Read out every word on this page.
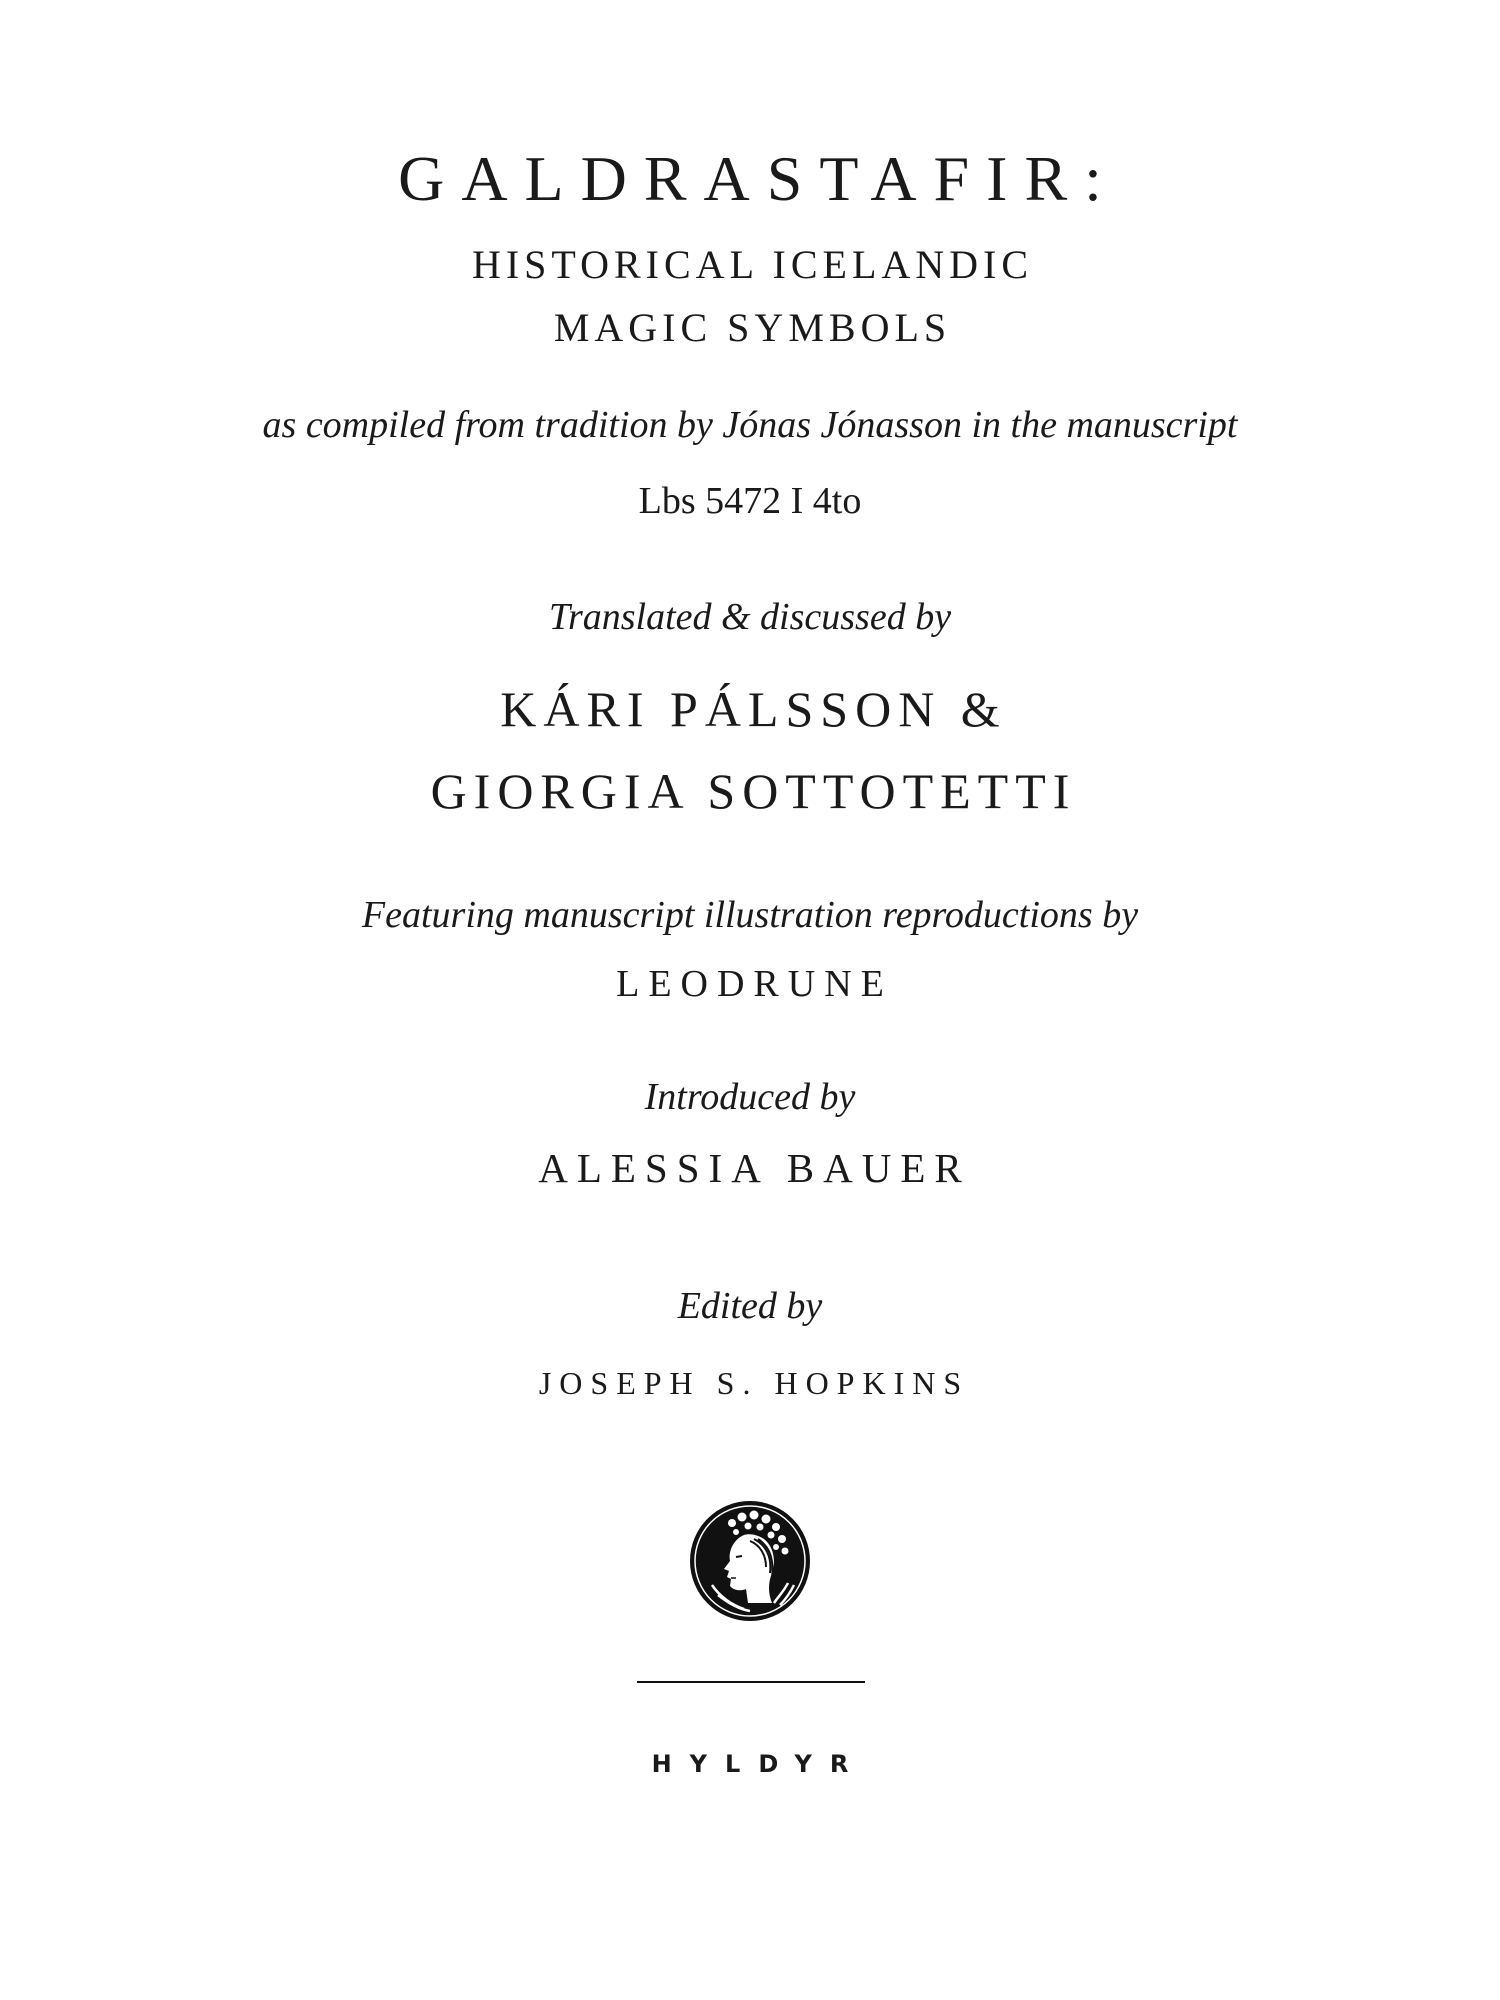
GALDRASTAFIR:
HISTORICAL ICELANDIC
MAGIC SYMBOLS
as compiled from tradition by Jónas Jónasson in the manuscript
Lbs 5472 I 4to
Translated & discussed by
KÁRI PÁLSSON &
GIORGIA SOTTOTETTI
Featuring manuscript illustration reproductions by
LEODRUNE
Introduced by
ALESSIA BAUER
Edited by
JOSEPH S. HOPKINS
HYLDYR
